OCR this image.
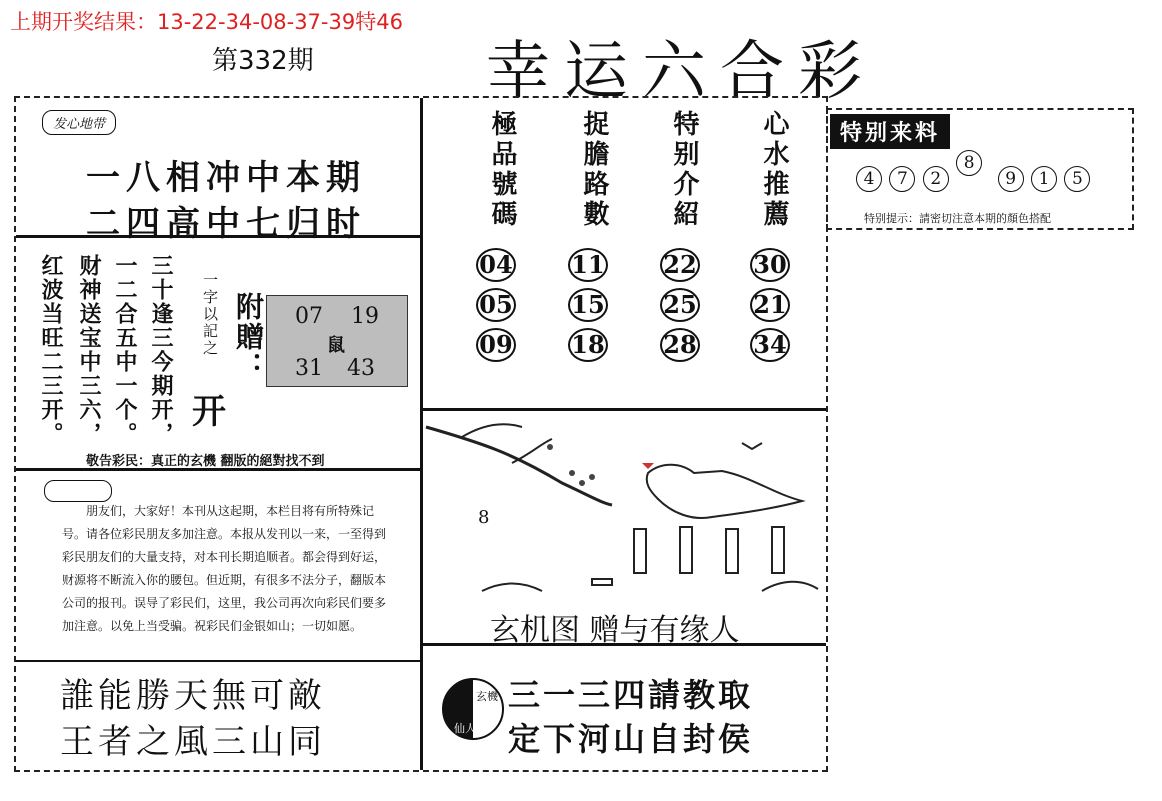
上期开奖结果：13-22-34-08-37-39特46
第332期	幸运六合彩
发心地带
一八相冲中本期
二四高中七归时
三十逢三今期开，
一二合五中一个。
财神送宝中三六，
红波当旺二三开。	一字以記之 附贈：
开
07 19
鼠
31 43
敬告彩民：真正的玄機 翻版的絕對找不到
朋友们，大家好！本刊从这起期，本栏目将有所特殊记号。请各位彩民朋友多加注意。本报从发刊以一来，一至得到彩民朋友们的大量支持，对本刊长期追顺者。都会得到好运，财源将不断流入你的腰包。但近期，有很多不法分子，翻版本公司的报刊。误导了彩民们，这里，我公司再次向彩民们要多加注意。以免上当受骗。祝彩民们金银如山；一切如愿。
誰能勝天無可敵
王者之風三山同
極品號碼 捉膽路數 特别介紹 心水推薦
04 05 09
11 15 18
22 25 28
30 21 34
8
玄机图 赠与有缘人
玄機
仙人
三一三四請教取
定下河山自封侯
特别来料
4 7 2 8 9 1 5
特别提示：請密切注意本期的顏色搭配
